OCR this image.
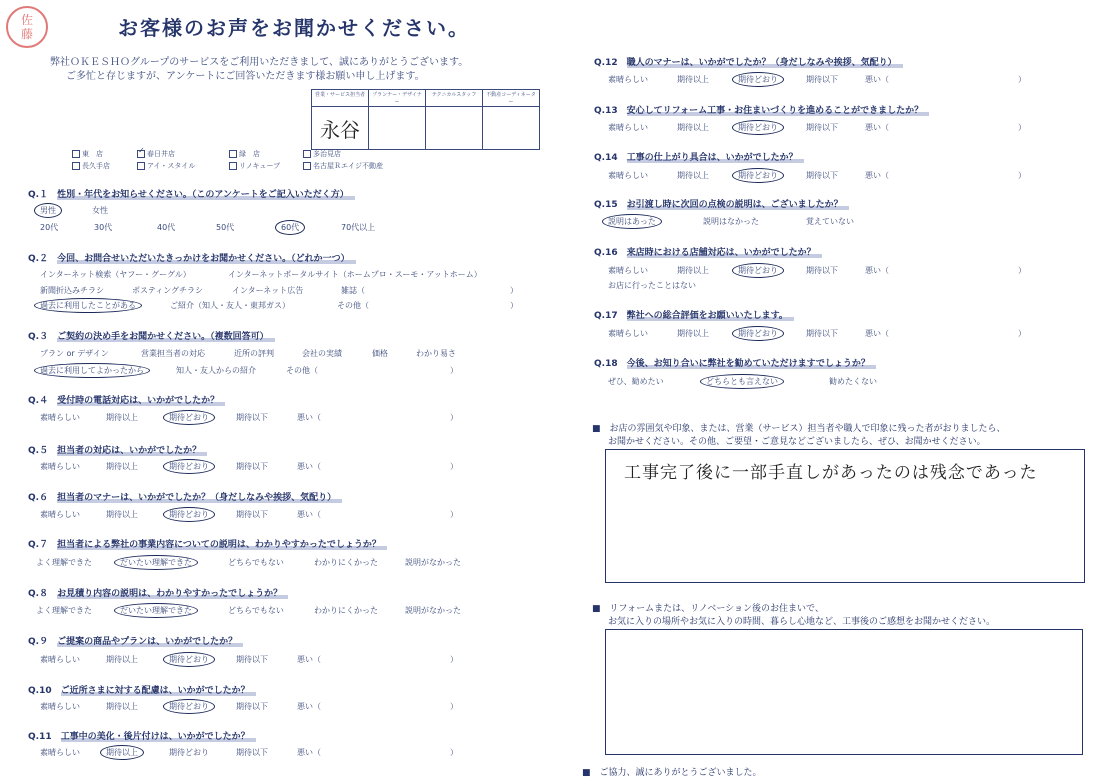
佐
藤	お客様のお声をお聞かせください。
弊社ＯＫＥＳＨＯグループのサービスをご利用いただきまして、誠にありがとうございます。
ご多忙と存じますが、アンケートにご回答いただきます様お願い申し上げます。
営業・サービス担当者	プランナー・デザイナー	テクニカルスタッフ	不動産コーディネーター
永谷			
東　店	✓ 春日井店	緑　店	多治見店
長久手店	アイ・スタイル	リノキューブ	名古屋Ｒエイジ不動産
Q.１　 性別・年代をお知らせください。（このアンケートをご記入いただく方）
男性	女性
20代	30代	40代	50代	60代	70代以上
Q.２　 今回、お問合せいただいたきっかけをお聞かせください。（どれか一つ）
インターネット検索（ヤフー・グーグル）	インターネットポータルサイト（ホームプロ・スーモ・アットホーム）
新聞折込みチラシ	ポスティングチラシ	インターネット広告	雑誌（	）
過去に利用したことがある	ご紹介（知人・友人・東邦ガス）	その他（	）
Q.３　 ご契約の決め手をお聞かせください。（複数回答可）
プラン or デザイン	営業担当者の対応	近所の評判	会社の実績	価格	わかり易さ
過去に利用してよかったから	知人・友人からの紹介	その他（	）
Q.４　 受付時の電話対応は、いかがでしたか？
素晴らしい	期待以上	期待どおり	期待以下	悪い（	）
Q.５　 担当者の対応は、いかがでしたか？
素晴らしい	期待以上	期待どおり	期待以下	悪い（	）
Q.６　 担当者のマナーは、いかがでしたか？（身だしなみや挨拶、気配り）
素晴らしい	期待以上	期待どおり	期待以下	悪い（	）
Q.７　 担当者による弊社の事業内容についての説明は、わかりやすかったでしょうか？
よく理解できた	だいたい理解できた	どちらでもない	わかりにくかった	説明がなかった
Q.８　 お見積り内容の説明は、わかりやすかったでしょうか？
よく理解できた	だいたい理解できた	どちらでもない	わかりにくかった	説明がなかった
Q.９　 ご提案の商品やプランは、いかがでしたか？
素晴らしい	期待以上	期待どおり	期待以下	悪い（	）
Q.10　 ご近所さまに対する配慮は、いかがでしたか？
素晴らしい	期待以上	期待どおり	期待以下	悪い（	）
Q.11　 工事中の美化・後片付けは、いかがでしたか？
素晴らしい	期待以上	期待どおり	期待以下	悪い（	）
Q.12　 職人のマナーは、いかがでしたか？（身だしなみや挨拶、気配り）
素晴らしい	期待以上	期待どおり	期待以下	悪い（	）
Q.13　 安心してリフォーム工事・お住まいづくりを進めることができましたか？
素晴らしい	期待以上	期待どおり	期待以下	悪い（	）
Q.14　 工事の仕上がり具合は、いかがでしたか？
素晴らしい	期待以上	期待どおり	期待以下	悪い（	）
Q.15　 お引渡し時に次回の点検の説明は、ございましたか？
説明はあった	説明はなかった	覚えていない
Q.16　 来店時における店舗対応は、いかがでしたか？
素晴らしい	期待以上	期待どおり	期待以下	悪い（	）
お店に行ったことはない
Q.17　 弊社への総合評価をお願いいたします。
素晴らしい	期待以上	期待どおり	期待以下	悪い（	）
Q.18　 今後、お知り合いに弊社を勧めていただけますでしょうか？
ぜひ、勧めたい	どちらとも言えない	勧めたくない
■　 お店の雰囲気や印象、または、営業（サービス）担当者や職人で印象に残った者がおりましたら、
お聞かせください。その他、ご要望・ご意見などございましたら、ぜひ、お聞かせください。
工事完了後に一部手直しがあったのは残念であった
■　 リフォームまたは、リノベーション後のお住まいで、
お気に入りの場所やお気に入りの時間、暮らし心地など、工事後のご感想をお聞かせください。
■　 ご協力、誠にありがとうございました。
